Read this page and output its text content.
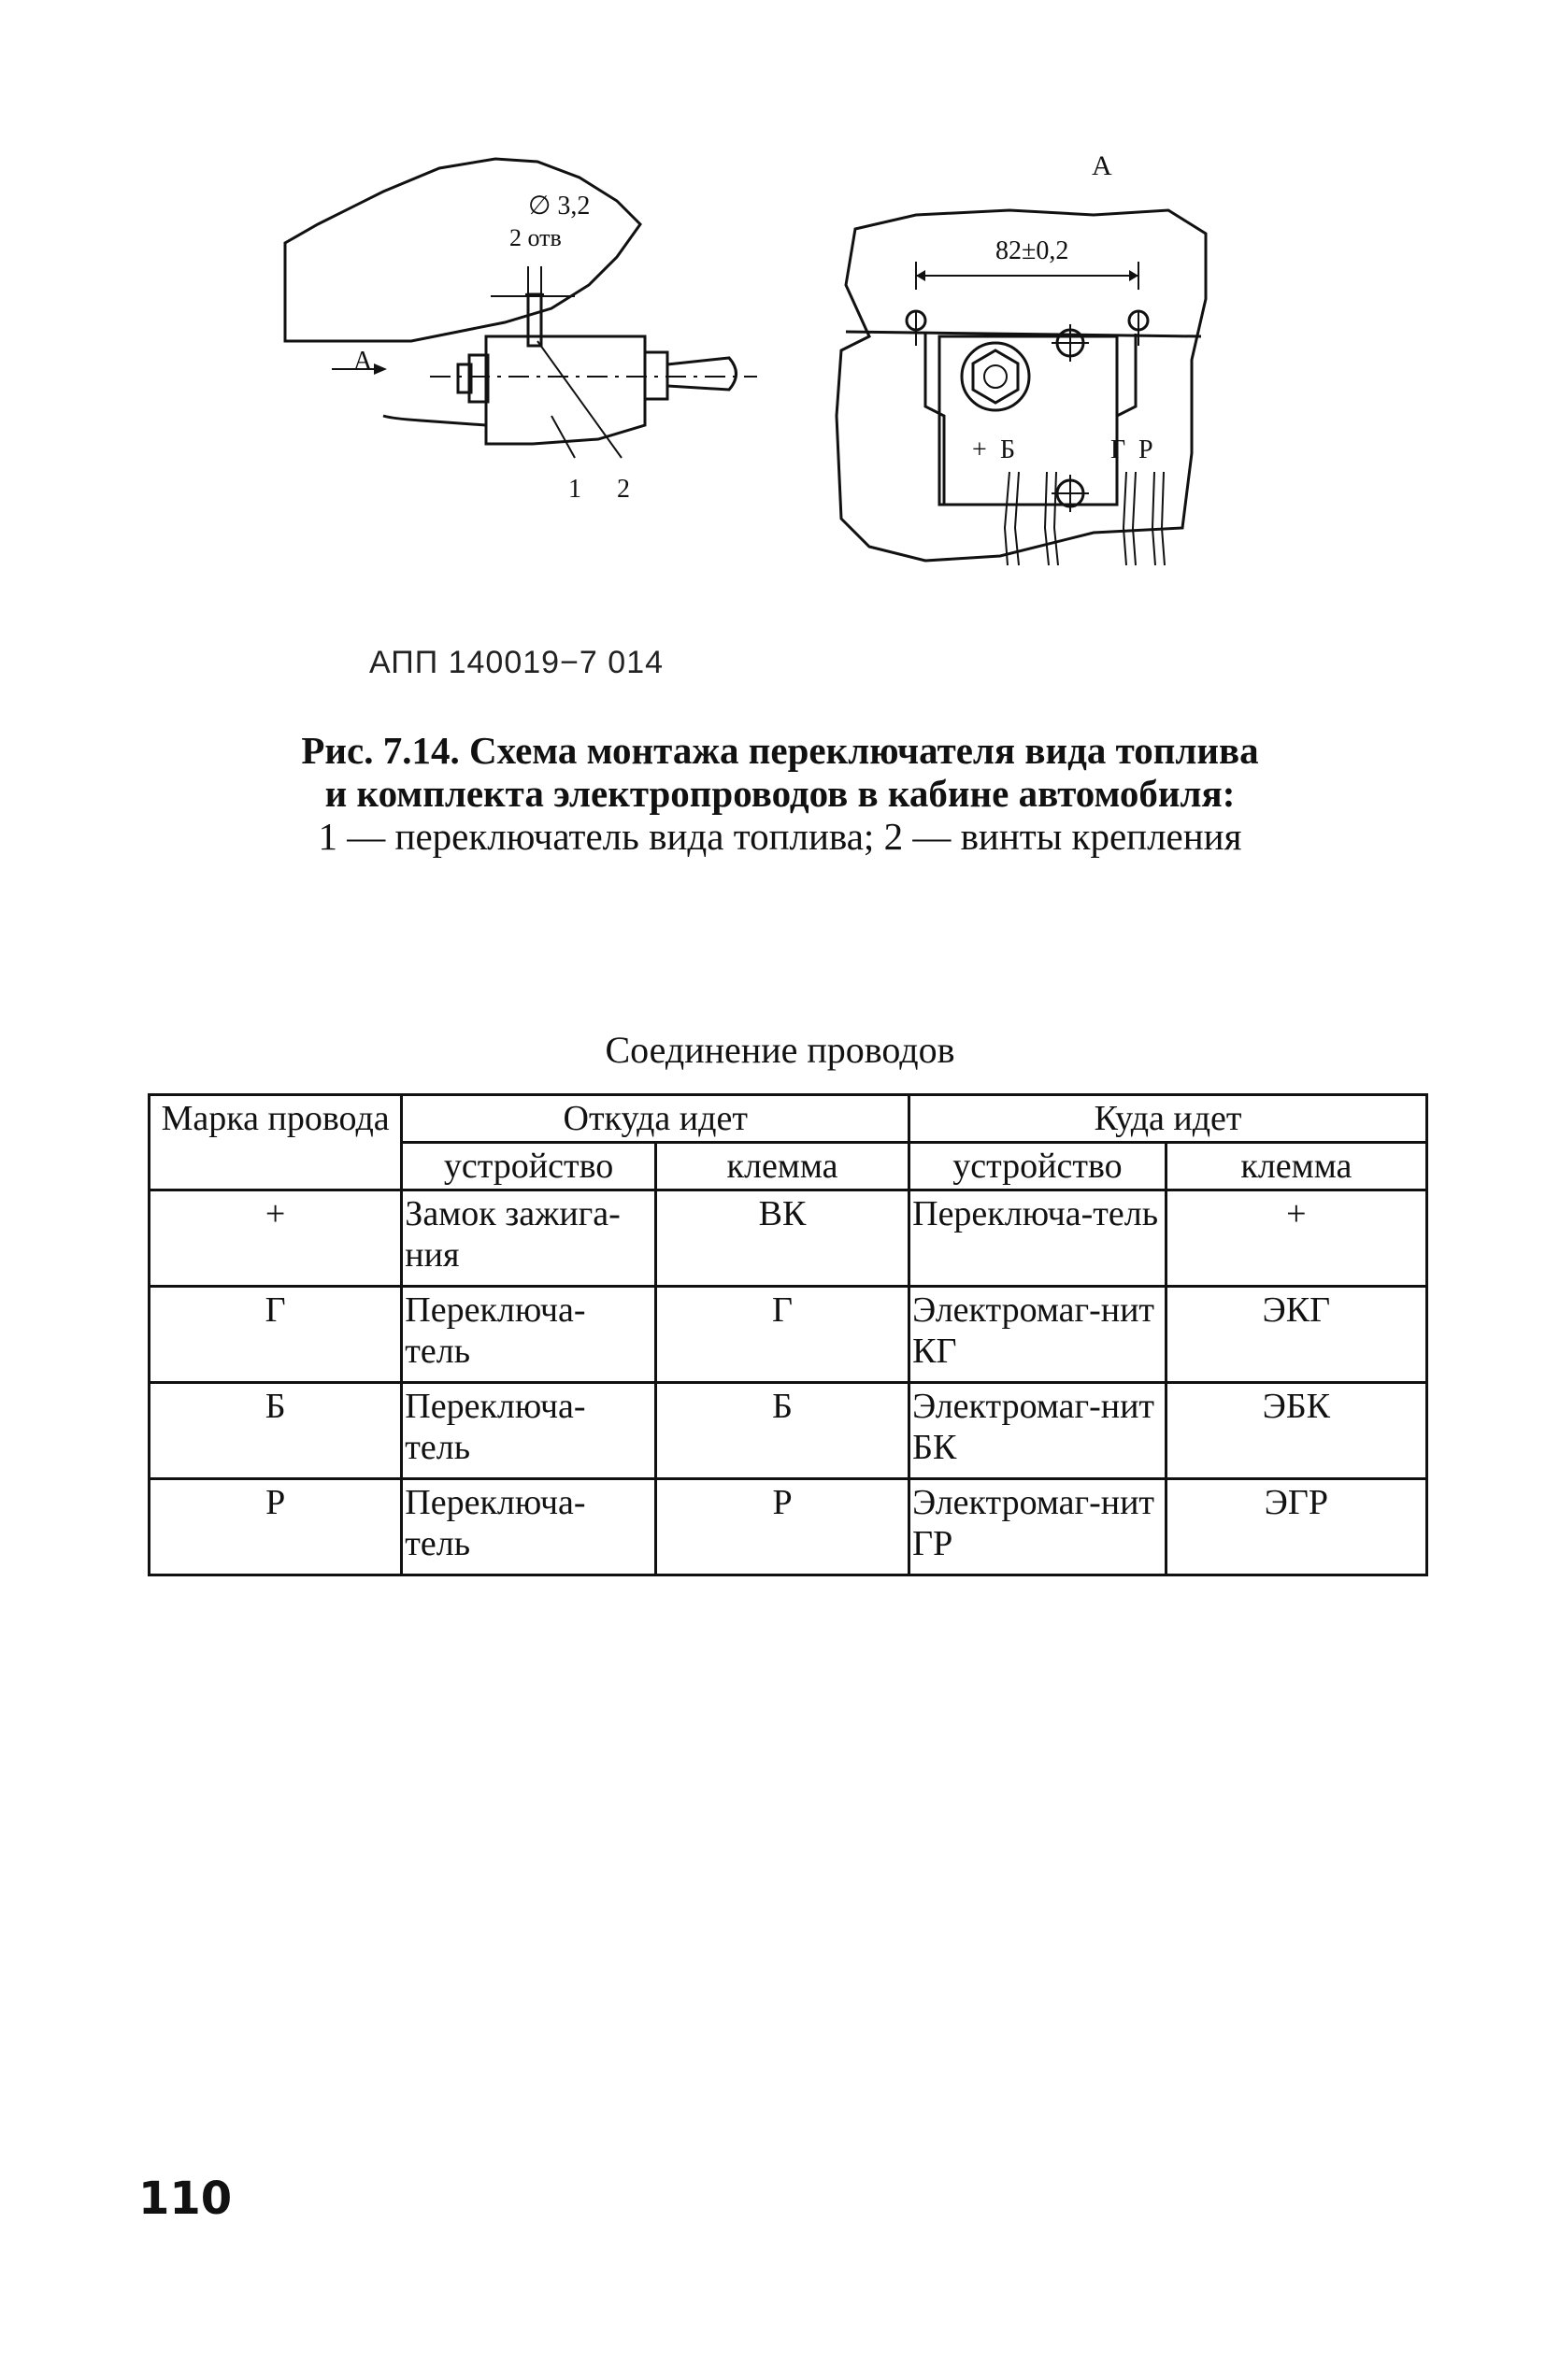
1 2
∅ 3,2
2 отв
А
А
82±0,2
+ Б	Г Р
АПП 140019−7 014
Рис. 7.14. Схема монтажа переключателя вида топлива
и комплекта электропроводов в кабине автомобиля:
1 — переключатель вида топлива; 2 — винты крепления
Соединение проводов
Марка провода	Откуда идет		Куда идет	
	устройство	клемма	устройство	клемма
+	Замок зажига-ния	ВК	Переключа-тель	+
Г	Переключа-тель	Г	Электромаг-нит КГ	ЭКГ
Б	Переключа-тель	Б	Электромаг-нит БК	ЭБК
Р	Переключа-тель	Р	Электромаг-нит ГР	ЭГР
110
